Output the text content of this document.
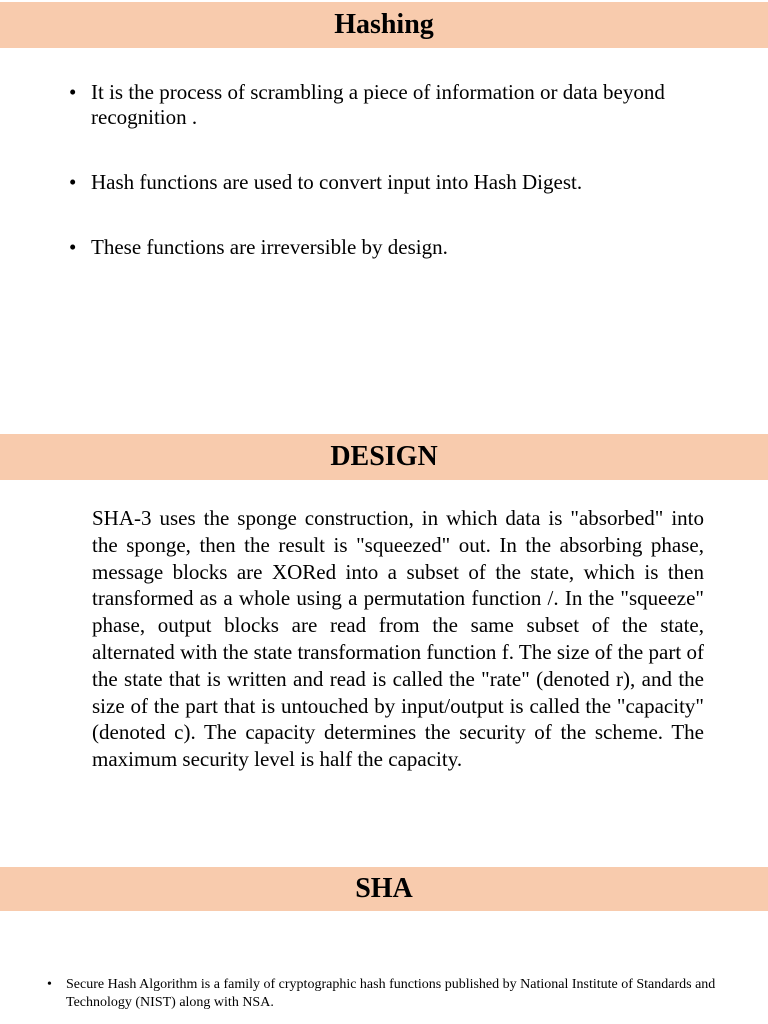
Hashing
• It is the process of scrambling a piece of information or data beyond recognition .
• Hash functions are used to convert input into Hash Digest.
• These functions are irreversible by design.
DESIGN

SHA-3 uses the sponge construction, in which data is "absorbed" into the sponge, then the result is "squeezed" out. In the absorbing phase, message blocks are XORed into a subset of the state, which is then transformed as a whole using a permutation function /. In the "squeeze" phase, output blocks are read from the same subset of the state, alternated with the state transformation function f. The size of the part of the state that is written and read is called the "rate" (denoted r), and the size of the part that is untouched by input/output is called the "capacity" (denoted c). The capacity determines the security of the scheme. The maximum security level is half the capacity.

SHA
• Secure Hash Algorithm is a family of cryptographic hash functions published by National Institute of Standards and Technology (NIST) along with NSA.
